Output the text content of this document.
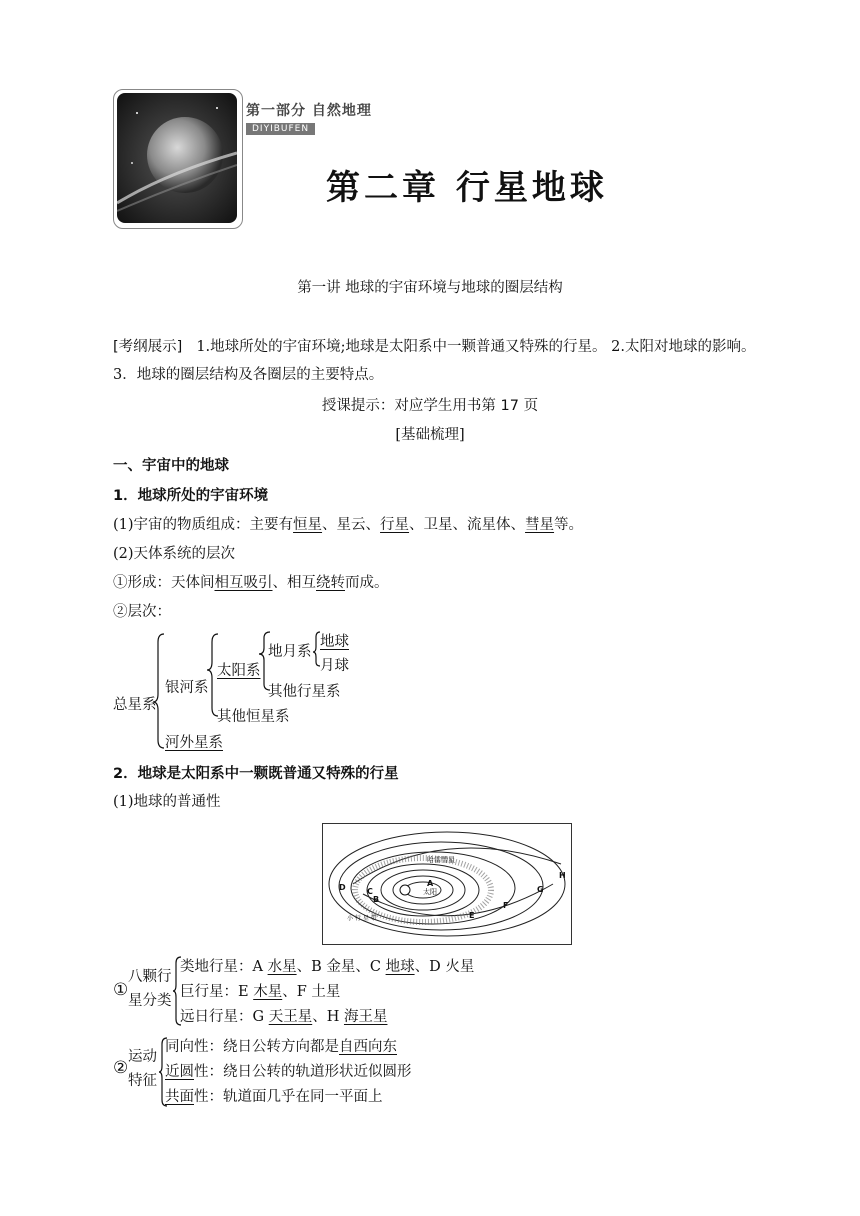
第一部分 自然地理
DIYIBUFEN
第二章 行星地球
第一讲 地球的宇宙环境与地球的圈层结构
[考纲展示] 1.地球所处的宇宙环境;地球是太阳系中一颗普通又特殊的行星。 2.太阳对地球的影响。
3．地球的圈层结构及各圈层的主要特点。
授课提示：对应学生用书第 17 页
[基础梳理]
一、宇宙中的地球
1．地球所处的宇宙环境
(1)宇宙的物质组成：主要有恒星、星云、行星、卫星、流星体、彗星等。
(2)天体系统的层次
①形成：天体间相互吸引、相互绕转而成。
②层次：
总星系
银河系
河外星系
太阳系
其他恒星系
地月系
其他行星系
地球
月球
2．地球是太阳系中一颗既普通又特殊的行星
(1)地球的普通性
太阳
哈雷彗星
小 行 星 带
A
B
C
D
E
F
G
H
①
八颗行
星分类
类地行星：A 水星、B 金星、C 地球、D 火星
巨行星：E 木星、F 土星
远日行星：G 天王星、H 海王星
②
运动
特征
同向性：绕日公转方向都是自西向东
近圆性：绕日公转的轨道形状近似圆形
共面性：轨道面几乎在同一平面上
